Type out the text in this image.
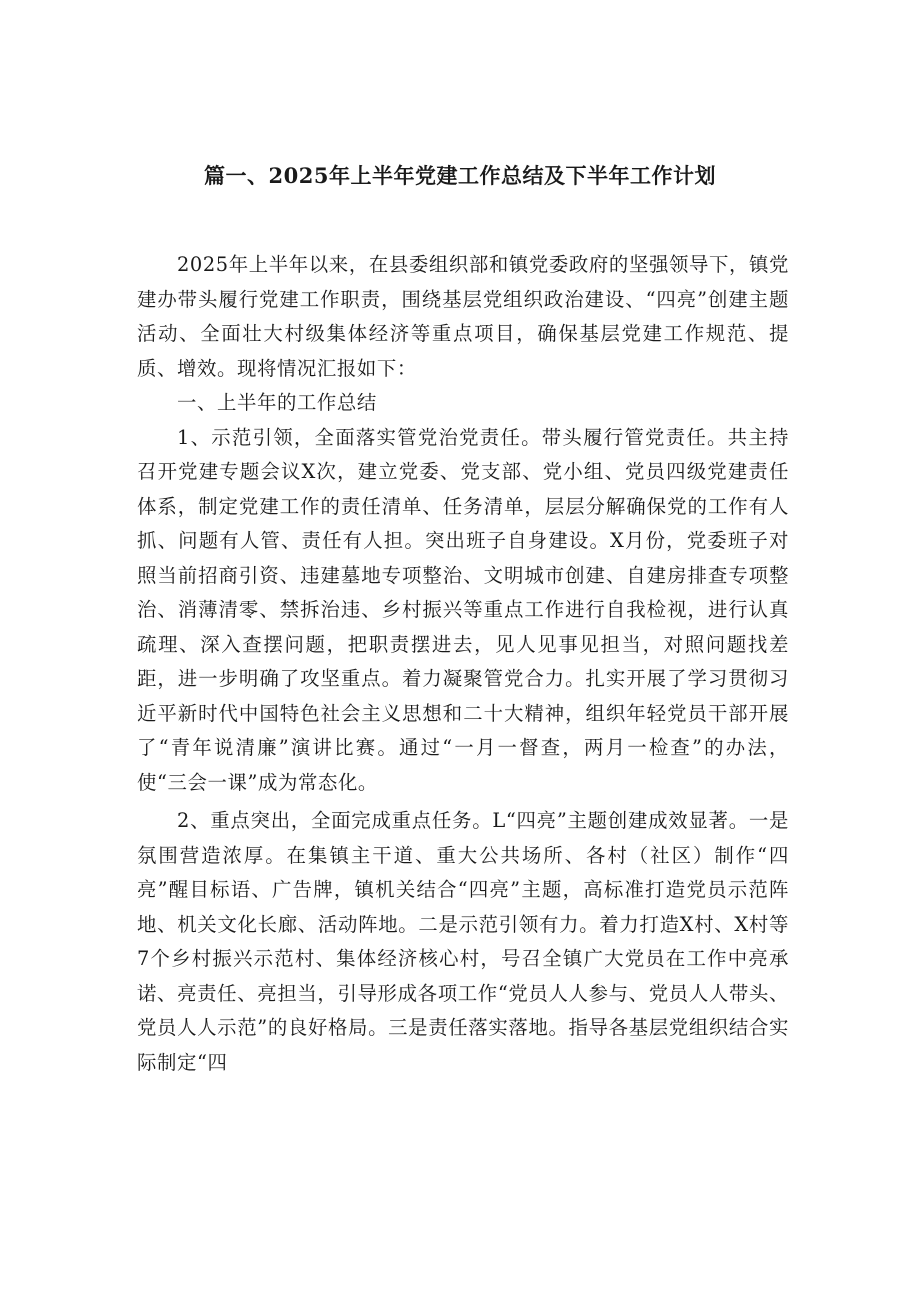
篇一、2025年上半年党建工作总结及下半年工作计划

2025年上半年以来，在县委组织部和镇党委政府的坚强领导下，镇党建办带头履行党建工作职责，围绕基层党组织政治建设、“四亮”创建主题活动、全面壮大村级集体经济等重点项目，确保基层党建工作规范、提质、增效。现将情况汇报如下：

一、上半年的工作总结

1、示范引领，全面落实管党治党责任。带头履行管党责任。共主持召开党建专题会议X次，建立党委、党支部、党小组、党员四级党建责任体系，制定党建工作的责任清单、任务清单，层层分解确保党的工作有人抓、问题有人管、责任有人担。突出班子自身建设。X月份，党委班子对照当前招商引资、违建墓地专项整治、文明城市创建、自建房排查专项整治、消薄清零、禁拆治违、乡村振兴等重点工作进行自我检视，进行认真疏理、深入查摆问题，把职责摆进去，见人见事见担当，对照问题找差距，进一步明确了攻坚重点。着力凝聚管党合力。扎实开展了学习贯彻习近平新时代中国特色社会主义思想和二十大精神，组织年轻党员干部开展了“青年说清廉”演讲比赛。通过“一月一督查，两月一检查”的办法，使“三会一课”成为常态化。

2、重点突出，全面完成重点任务。L“四亮”主题创建成效显著。一是氛围营造浓厚。在集镇主干道、重大公共场所、各村（社区）制作“四亮”醒目标语、广告牌，镇机关结合“四亮”主题，高标准打造党员示范阵地、机关文化长廊、活动阵地。二是示范引领有力。着力打造X村、X村等7个乡村振兴示范村、集体经济核心村，号召全镇广大党员在工作中亮承诺、亮责任、亮担当，引导形成各项工作“党员人人参与、党员人人带头、党员人人示范”的良好格局。三是责任落实落地。指导各基层党组织结合实际制定“四
